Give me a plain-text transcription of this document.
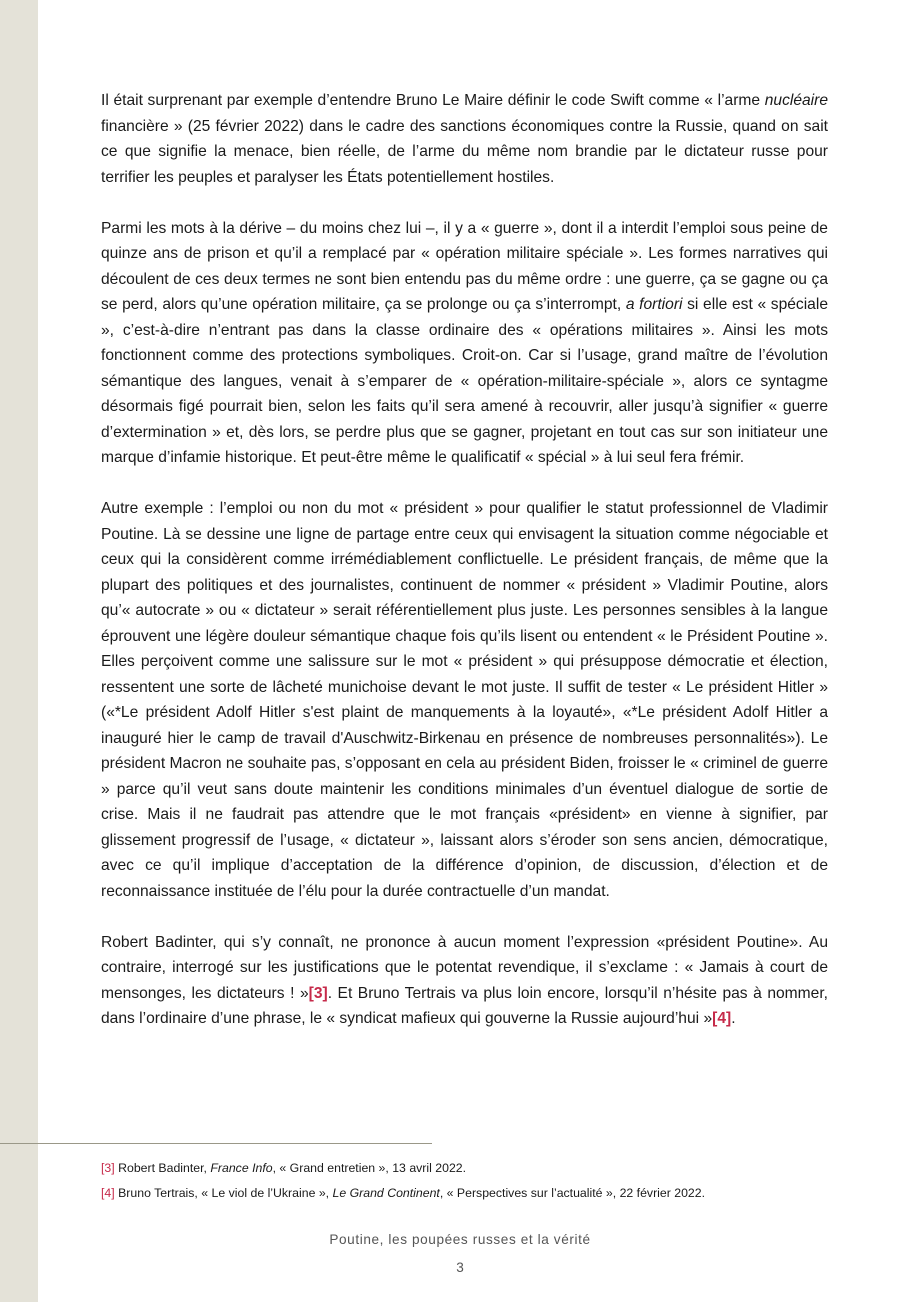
Il était surprenant par exemple d’entendre Bruno Le Maire définir le code Swift comme « l’arme nucléaire financière » (25 février 2022) dans le cadre des sanctions économiques contre la Russie, quand on sait ce que signifie la menace, bien réelle, de l’arme du même nom brandie par le dictateur russe pour terrifier les peuples et paralyser les États potentiellement hostiles.

Parmi les mots à la dérive – du moins chez lui –, il y a « guerre », dont il a interdit l’emploi sous peine de quinze ans de prison et qu’il a remplacé par « opération militaire spéciale ». Les formes narratives qui découlent de ces deux termes ne sont bien entendu pas du même ordre : une guerre, ça se gagne ou ça se perd, alors qu’une opération militaire, ça se prolonge ou ça s’interrompt, a fortiori si elle est « spéciale », c’est-à-dire n’entrant pas dans la classe ordinaire des « opérations militaires ». Ainsi les mots fonctionnent comme des protections symboliques. Croit-on. Car si l’usage, grand maître de l’évolution sémantique des langues, venait à s’emparer de « opération-militaire-spéciale », alors ce syntagme désormais figé pourrait bien, selon les faits qu’il sera amené à recouvrir, aller jusqu’à signifier « guerre d’extermination » et, dès lors, se perdre plus que se gagner, projetant en tout cas sur son initiateur une marque d’infamie historique. Et peut-être même le qualificatif « spécial » à lui seul fera frémir.

Autre exemple : l’emploi ou non du mot « président » pour qualifier le statut professionnel de Vladimir Poutine. Là se dessine une ligne de partage entre ceux qui envisagent la situation comme négociable et ceux qui la considèrent comme irrémédiablement conflictuelle. Le président français, de même que la plupart des politiques et des journalistes, continuent de nommer « président » Vladimir Poutine, alors qu’« autocrate » ou « dictateur » serait référentiellement plus juste. Les personnes sensibles à la langue éprouvent une légère douleur sémantique chaque fois qu’ils lisent ou entendent « le Président Poutine ». Elles perçoivent comme une salissure sur le mot « président » qui présuppose démocratie et élection, ressentent une sorte de lâcheté munichoise devant le mot juste. Il suffit de tester « Le président Hitler » («*Le président Adolf Hitler s'est plaint de manquements à la loyauté», «*Le président Adolf Hitler a inauguré hier le camp de travail d'Auschwitz-Birkenau en présence de nombreuses personnalités»). Le président Macron ne souhaite pas, s’opposant en cela au président Biden, froisser le « criminel de guerre » parce qu’il veut sans doute maintenir les conditions minimales d’un éventuel dialogue de sortie de crise. Mais il ne faudrait pas attendre que le mot français «président» en vienne à signifier, par glissement progressif de l’usage, « dictateur », laissant alors s’éroder son sens ancien, démocratique, avec ce qu’il implique d’acceptation de la différence d’opinion, de discussion, d’élection et de reconnaissance instituée de l’élu pour la durée contractuelle d’un mandat.

Robert Badinter, qui s’y connaît, ne prononce à aucun moment l’expression «président Poutine». Au contraire, interrogé sur les justifications que le potentat revendique, il s’exclame : « Jamais à court de mensonges, les dictateurs ! »[3]. Et Bruno Tertrais va plus loin encore, lorsqu’il n’hésite pas à nommer, dans l’ordinaire d’une phrase, le « syndicat mafieux qui gouverne la Russie aujourd’hui »[4].

[3] Robert Badinter, France Info, « Grand entretien », 13 avril 2022.

[4] Bruno Tertrais, « Le viol de l’Ukraine », Le Grand Continent, « Perspectives sur l’actualité », 22 février 2022.

Poutine, les poupées russes et la vérité
3
